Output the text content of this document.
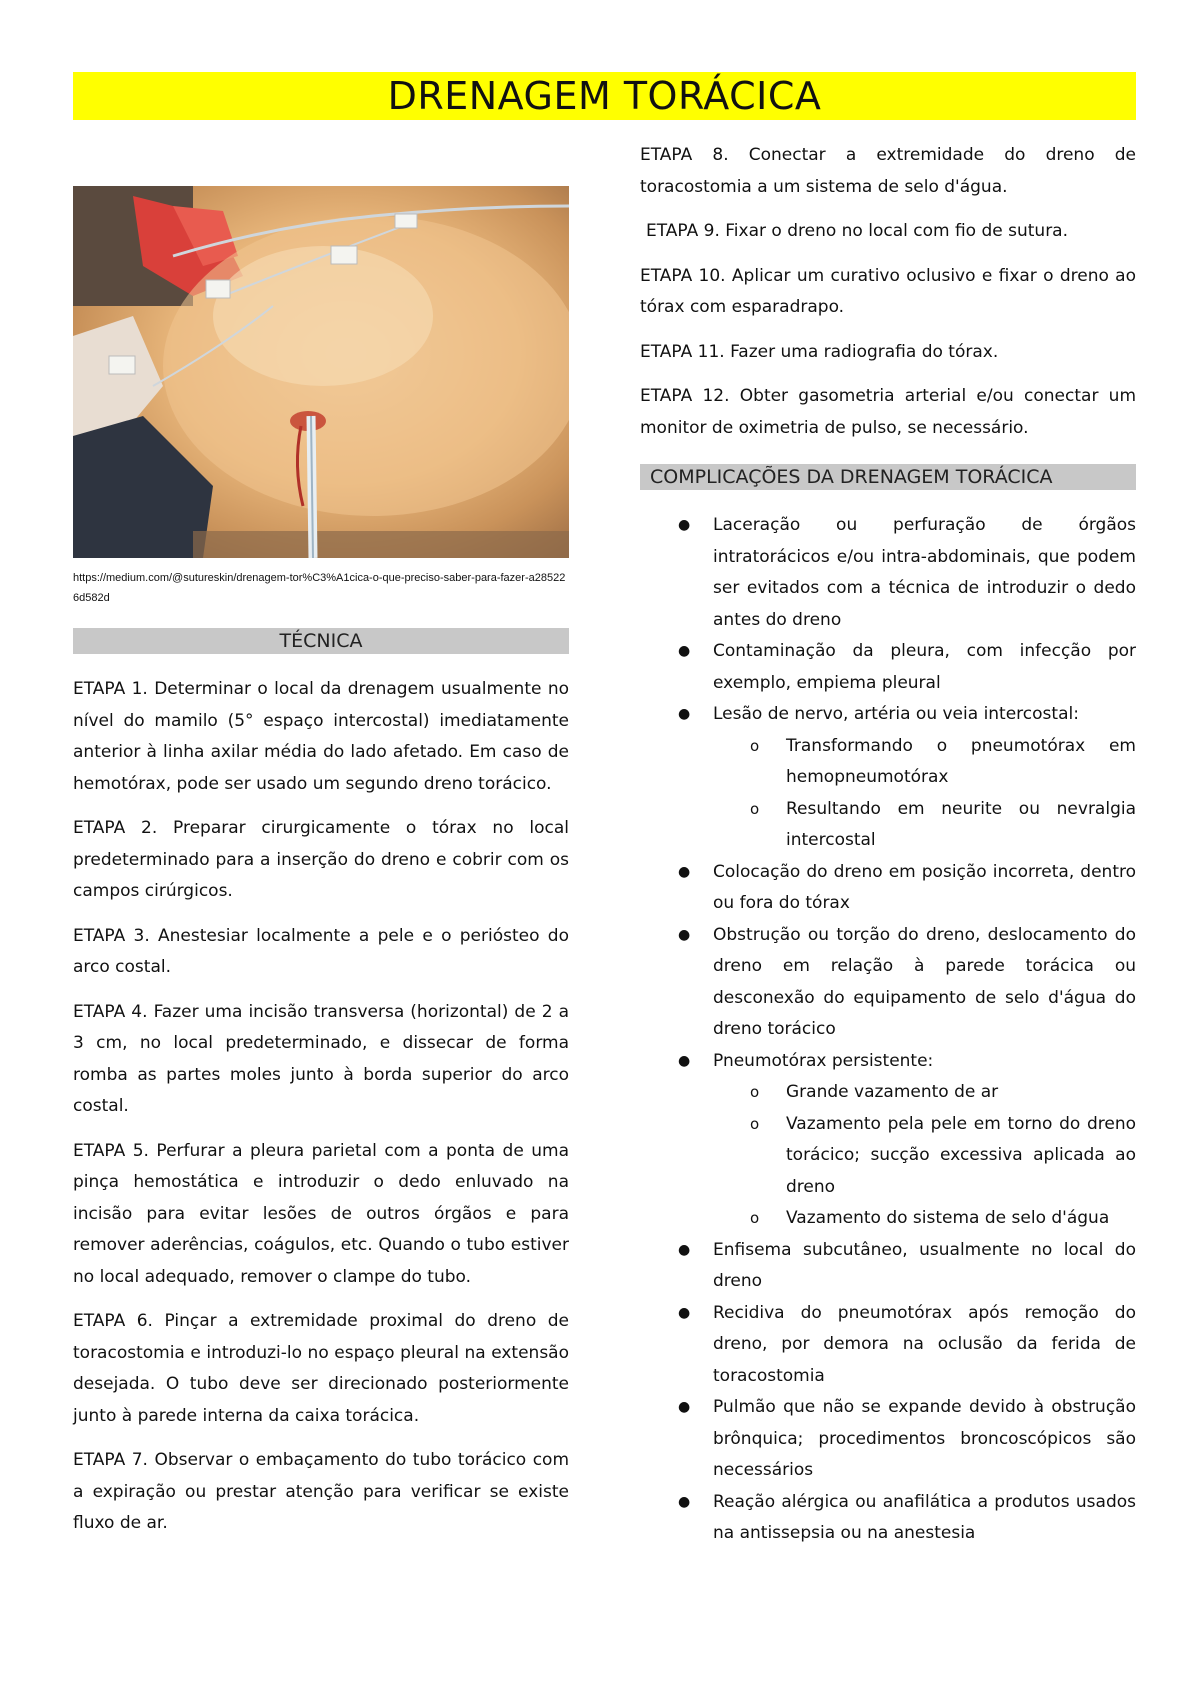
DRENAGEM TORÁCICA
https://medium.com/@sutureskin/drenagem-tor%C3%A1cica-o-que-preciso-saber-para-fazer-a285226d582d
TÉCNICA

ETAPA 1. Determinar o local da drenagem usualmente no nível do mamilo (5° espaço intercostal) imediatamente anterior à linha axilar média do lado afetado. Em caso de hemotórax, pode ser usado um segundo dreno torácico.

ETAPA 2. Preparar cirurgicamente o tórax no local predeterminado para a inserção do dreno e cobrir com os campos cirúrgicos.

ETAPA 3. Anestesiar localmente a pele e o periósteo do arco costal.

ETAPA 4. Fazer uma incisão transversa (horizontal) de 2 a 3 cm, no local predeterminado, e dissecar de forma romba as partes moles junto à borda superior do arco costal.

ETAPA 5. Perfurar a pleura parietal com a ponta de uma pinça hemostática e introduzir o dedo enluvado na incisão para evitar lesões de outros órgãos e para remover aderências, coágulos, etc. Quando o tubo estiver no local adequado, remover o clampe do tubo.

ETAPA 6. Pinçar a extremidade proximal do dreno de toracostomia e introduzi-lo no espaço pleural na extensão desejada. O tubo deve ser direcionado posteriormente junto à parede interna da caixa torácica.

ETAPA 7. Observar o embaçamento do tubo torácico com a expiração ou prestar atenção para verificar se existe fluxo de ar.

ETAPA 8. Conectar a extremidade do dreno de toracostomia a um sistema de selo d'água.

ETAPA 9. Fixar o dreno no local com fio de sutura.

ETAPA 10. Aplicar um curativo oclusivo e fixar o dreno ao tórax com esparadrapo.

ETAPA 11. Fazer uma radiografia do tórax.

ETAPA 12. Obter gasometria arterial e/ou conectar um monitor de oximetria de pulso, se necessário.

COMPLICAÇÕES DA DRENAGEM TORÁCICA
● Laceração ou perfuração de órgãos intratorácicos e/ou intra-abdominais, que podem ser evitados com a técnica de introduzir o dedo antes do dreno
● Contaminação da pleura, com infecção por exemplo, empiema pleural
● Lesão de nervo, artéria ou veia intercostal:
o Transformando o pneumotórax em hemopneumotórax
o Resultando em neurite ou nevralgia intercostal
● Colocação do dreno em posição incorreta, dentro ou fora do tórax
● Obstrução ou torção do dreno, deslocamento do dreno em relação à parede torácica ou desconexão do equipamento de selo d'água do dreno torácico
● Pneumotórax persistente:
o Grande vazamento de ar
o Vazamento pela pele em torno do dreno torácico; sucção excessiva aplicada ao dreno
o Vazamento do sistema de selo d'água
● Enfisema subcutâneo, usualmente no local do dreno
● Recidiva do pneumotórax após remoção do dreno, por demora na oclusão da ferida de toracostomia
● Pulmão que não se expande devido à obstrução brônquica; procedimentos broncoscópicos são necessários
● Reação alérgica ou anafilática a produtos usados na antissepsia ou na anestesia
